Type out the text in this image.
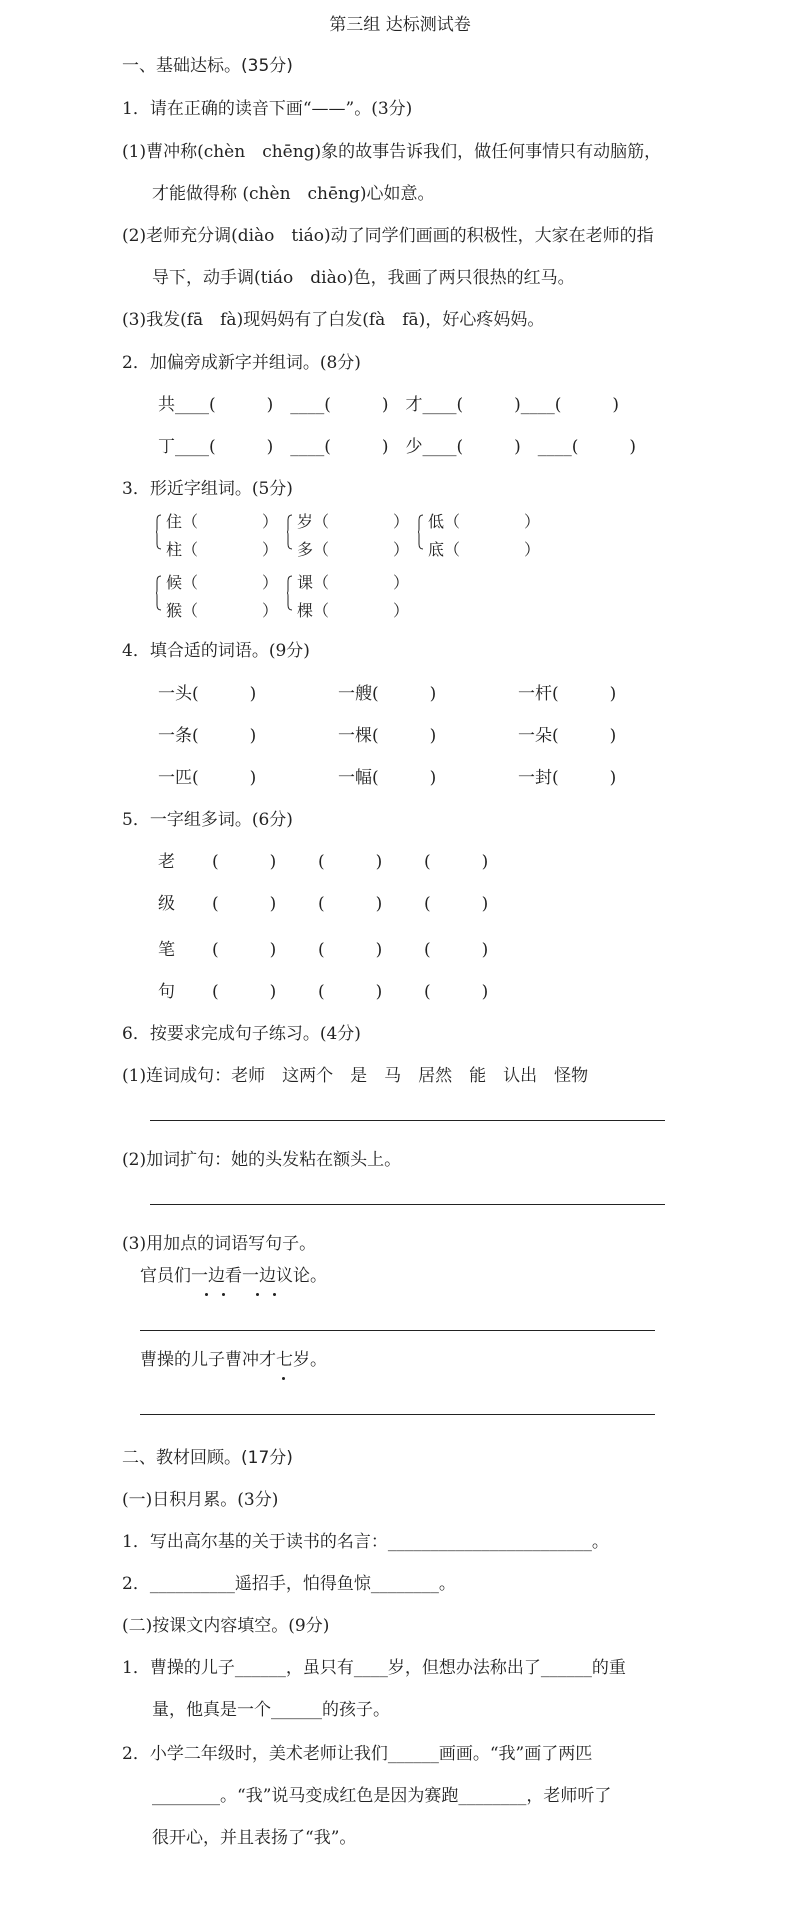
第三组 达标测试卷
一、基础达标。(35分)
1．请在正确的读音下画“——”。(3分)
(1)曹冲称(chèn　chēng)象的故事告诉我们，做任何事情只有动脑筋，
才能做得称 (chèn　chēng)心如意。
(2)老师充分调(diào　tiáo)动了同学们画画的积极性，大家在老师的指
导下，动手调(tiáo　diào)色，我画了两只很热的红马。
(3)我发(fā　fà)现妈妈有了白发(fà　fā)，好心疼妈妈。
2．加偏旁成新字并组词。(8分)
共____(　　　)　____(　　　)　才____(　　　)____(　　　)
丁____(　　　)　____(　　　)　少____(　　　)　____(　　　)
3．形近字组词。(5分)
住（　　　　）
柱（　　　　）
岁（　　　　）
多（　　　　）
低（　　　　）
底（　　　　）
候（　　　　）
猴（　　　　）
课（　　　　）
棵（　　　　）
4．填合适的词语。(9分)
一头(　　　)	一艘(　　　)	一杆(　　　)
一条(　　　)	一棵(　　　)	一朵(　　　)
一匹(　　　)	一幅(　　　)	一封(　　　)
5．一字组多词。(6分)
老 (　　　) (　　　) (　　　)
级 (　　　) (　　　) (　　　)
笔 (　　　) (　　　) (　　　)
句 (　　　) (　　　) (　　　)
6．按要求完成句子练习。(4分)
(1)连词成句：老师　这两个　是　马　居然　能　认出　怪物
(2)加词扩句：她的头发粘在额头上。
(3)用加点的词语写句子。
官员们一边看一边议论。
曹操的儿子曹冲才七岁。
二、教材回顾。(17分)
(一)日积月累。(3分)
1．写出高尔基的关于读书的名言：________________________。
2．__________遥招手，怕得鱼惊________。
(二)按课文内容填空。(9分)
1．曹操的儿子______，虽只有____岁，但想办法称出了______的重
量，他真是一个______的孩子。
2．小学二年级时，美术老师让我们______画画。“我”画了两匹
________。“我”说马变成红色是因为赛跑________，老师听了
很开心，并且表扬了“我”。
